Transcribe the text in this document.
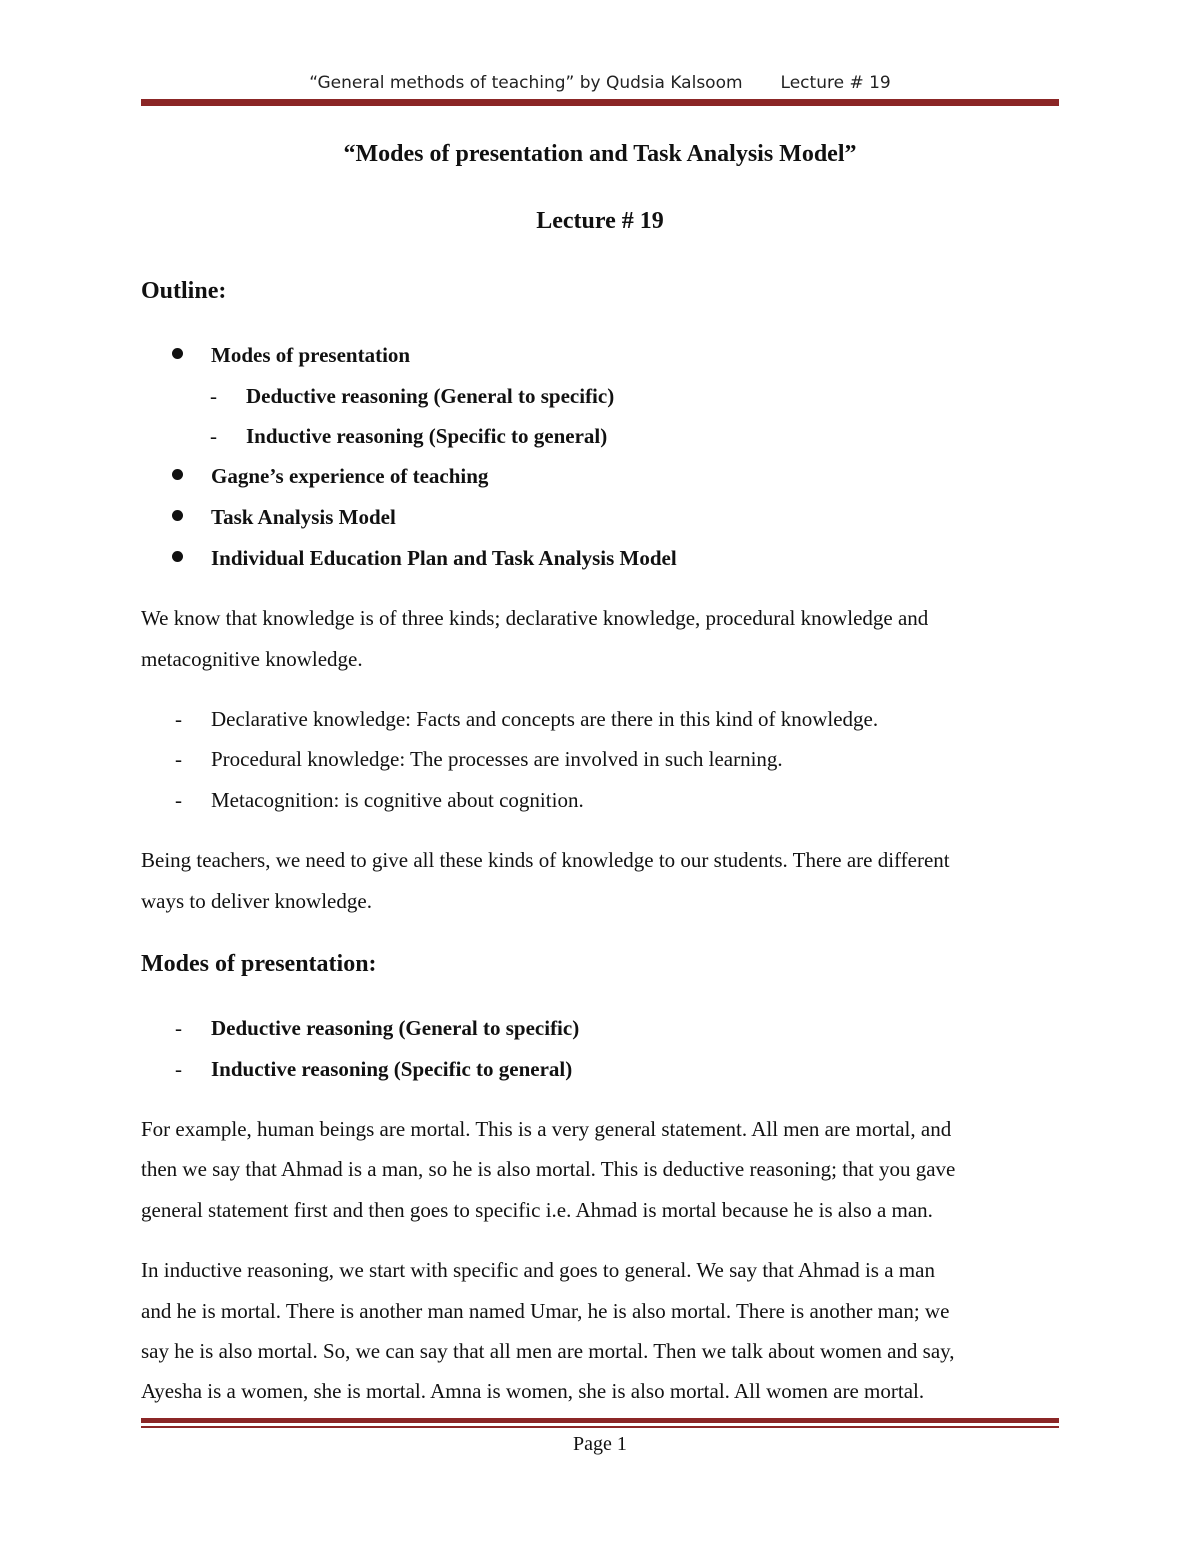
“General methods of teaching” by Qudsia Kalsoom Lecture # 19
“Modes of presentation and Task Analysis Model”
Lecture # 19
Outline:
Modes of presentation
- Deductive reasoning (General to specific)
- Inductive reasoning (Specific to general)
Gagne’s experience of teaching
Task Analysis Model
Individual Education Plan and Task Analysis Model
We know that knowledge is of three kinds; declarative knowledge, procedural knowledge and
metacognitive knowledge.
- Declarative knowledge: Facts and concepts are there in this kind of knowledge.
- Procedural knowledge: The processes are involved in such learning.
- Metacognition: is cognitive about cognition.
Being teachers, we need to give all these kinds of knowledge to our students. There are different
ways to deliver knowledge.
Modes of presentation:
- Deductive reasoning (General to specific)
- Inductive reasoning (Specific to general)
For example, human beings are mortal. This is a very general statement. All men are mortal, and
then we say that Ahmad is a man, so he is also mortal. This is deductive reasoning; that you gave
general statement first and then goes to specific i.e. Ahmad is mortal because he is also a man.
In inductive reasoning, we start with specific and goes to general. We say that Ahmad is a man
and he is mortal. There is another man named Umar, he is also mortal. There is another man; we
say he is also mortal. So, we can say that all men are mortal. Then we talk about women and say,
Ayesha is a women, she is mortal. Amna is women, she is also mortal. All women are mortal.
Page 1
